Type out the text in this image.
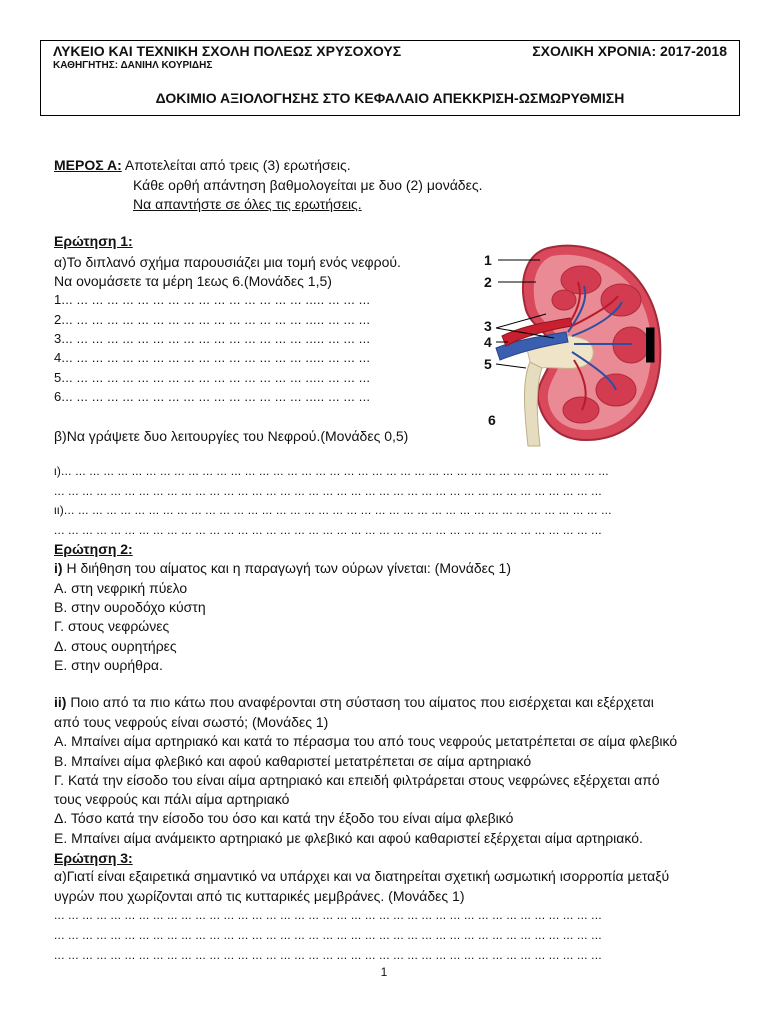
ΛΥΚΕΙΟ ΚΑΙ ΤΕΧΝΙΚΗ ΣΧΟΛΗ ΠΟΛΕΩΣ ΧΡΥΣΟΧΟΥΣ	ΣΧΟΛΙΚΗ ΧΡΟΝΙΑ: 2017-2018
ΚΑΘΗΓΗΤΗΣ: ΔΑΝΙΗΛ ΚΟΥΡΙΔΗΣ
ΔΟΚΙΜΙΟ ΑΞΙΟΛΟΓΗΣΗΣ ΣΤΟ ΚΕΦΑΛΑΙΟ ΑΠΕΚΚΡΙΣΗ-ΩΣΜΩΡΥΘΜΙΣΗ
ΜΕΡΟΣ Α: Αποτελείται από τρεις (3) ερωτήσεις.
Κάθε ορθή απάντηση βαθμολογείται με δυο (2) μονάδες.
Να απαντήστε σε όλες τις ερωτήσεις.
Ερώτηση 1:
α)Το διπλανό σχήμα παρουσιάζει μια τομή ενός νεφρού.
Να ονομάσετε τα μέρη 1εως 6.(Μονάδες 1,5)
1... ... ... ... ... ... ... ... ... ... ... ... ... ... ... ... ..... ... ... ...
2... ... ... ... ... ... ... ... ... ... ... ... ... ... ... ... ..... ... ... ...
3... ... ... ... ... ... ... ... ... ... ... ... ... ... ... ... ..... ... ... ...
4... ... ... ... ... ... ... ... ... ... ... ... ... ... ... ... ..... ... ... ...
5... ... ... ... ... ... ... ... ... ... ... ... ... ... ... ... ..... ... ... ...
6... ... ... ... ... ... ... ... ... ... ... ... ... ... ... ... ..... ... ... ...
β)Να γράψετε δυο λειτουργίες του Νεφρού.(Μονάδες 0,5)
ι)... ... ... ... ... ... ... ... ... ... ... ... ... ... ... ... ... ... ... ... ... ... ... ... ... ... ... ... ... ... ... ... ... ... ... ... ... ... ...
... ... ... ... ... ... ... ... ... ... ... ... ... ... ... ... ... ... ... ... ... ... ... ... ... ... ... ... ... ... ... ... ... ... ... ... ... ... ...
ιι)... ... ... ... ... ... ... ... ... ... ... ... ... ... ... ... ... ... ... ... ... ... ... ... ... ... ... ... ... ... ... ... ... ... ... ... ... ... ...
... ... ... ... ... ... ... ... ... ... ... ... ... ... ... ... ... ... ... ... ... ... ... ... ... ... ... ... ... ... ... ... ... ... ... ... ... ... ...
1
2
3
4
5
6
Ερώτηση 2:
i) Η διήθηση του αίματος και η παραγωγή των ούρων γίνεται: (Μονάδες 1)
Α. στη νεφρική πύελο
Β. στην ουροδόχο κύστη
Γ. στους νεφρώνες
Δ. στους ουρητήρες
Ε. στην ουρήθρα.
ii) Ποιο από τα πιο κάτω που αναφέρονται στη σύσταση του αίματος που εισέρχεται και εξέρχεται
από τους νεφρούς είναι σωστό; (Μονάδες 1)
Α. Μπαίνει αίμα αρτηριακό και κατά το πέρασμα του από τους νεφρούς μετατρέπεται σε αίμα φλεβικό
Β. Μπαίνει αίμα φλεβικό και αφού καθαριστεί μετατρέπεται σε αίμα αρτηριακό
Γ. Κατά την είσοδο του είναι αίμα αρτηριακό και επειδή φιλτράρεται στους νεφρώνες εξέρχεται από
τους νεφρούς και πάλι αίμα αρτηριακό
Δ. Τόσο κατά την είσοδο του όσο και κατά την έξοδο του είναι αίμα φλεβικό
Ε. Μπαίνει αίμα ανάμεικτο αρτηριακό με φλεβικό και αφού καθαριστεί εξέρχεται αίμα αρτηριακό.
Ερώτηση 3:
α)Γιατί είναι εξαιρετικά σημαντικό να υπάρχει και να διατηρείται σχετική ωσμωτική ισορροπία μεταξύ
υγρών που χωρίζονται από τις κυτταρικές μεμβράνες. (Μονάδες 1)
... ... ... ... ... ... ... ... ... ... ... ... ... ... ... ... ... ... ... ... ... ... ... ... ... ... ... ... ... ... ... ... ... ... ... ... ... ... ...
... ... ... ... ... ... ... ... ... ... ... ... ... ... ... ... ... ... ... ... ... ... ... ... ... ... ... ... ... ... ... ... ... ... ... ... ... ... ...
... ... ... ... ... ... ... ... ... ... ... ... ... ... ... ... ... ... ... ... ... ... ... ... ... ... ... ... ... ... ... ... ... ... ... ... ... ... ...
1
